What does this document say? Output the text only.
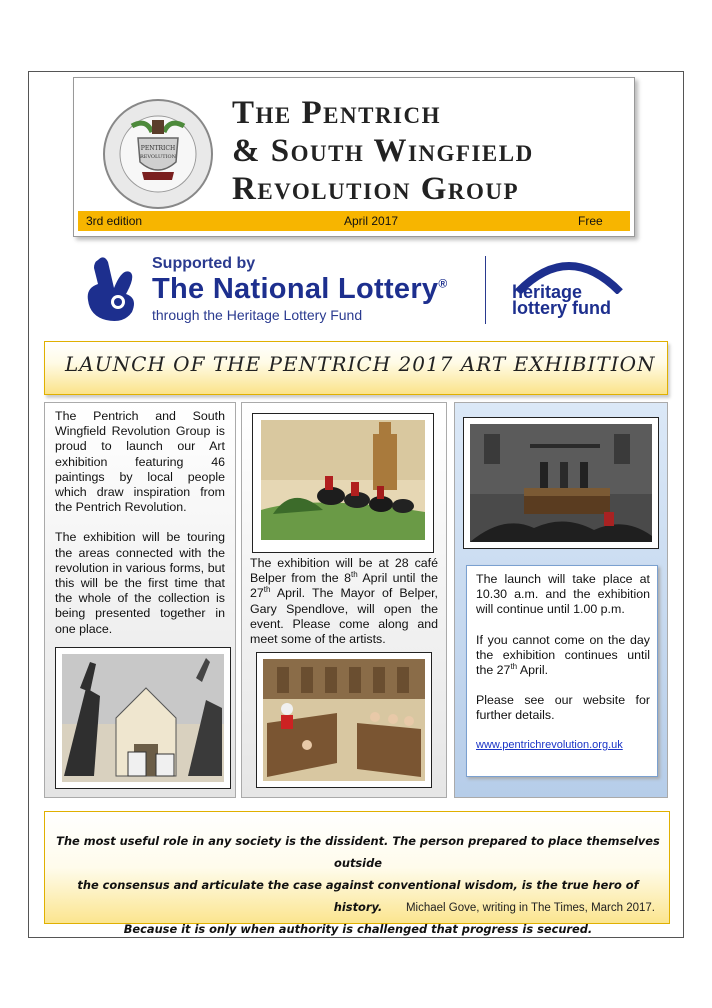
PENTRICH
REVOLUTION
The Pentrich
& South Wingfield
Revolution Group
3rd edition	April 2017	Free
Supported by
The National Lottery®
through the Heritage Lottery Fund
heritage
lottery fund
LAUNCH OF THE PENTRICH 2017 ART EXHIBITION

The Pentrich and South Wingfield Revolution Group is proud to launch our Art exhibition featuring 46 paintings by local people which draw inspiration from the Pentrich Revolution.

The exhibition will be touring the areas connected with the revolution in various forms, but this will be the first time that the whole of the collection is being presented together in one place.

The exhibition will be at 28 café Belper from the 8th April until the 27th April. The Mayor of Belper, Gary Spendlove, will open the event. Please come along and meet some of the artists.

The launch will take place at 10.30 a.m. and the exhibition will continue until 1.00 p.m.

If you cannot come on the day the exhibition continues until the 27th April.

Please see our website for further details.

www.pentrichrevolution.org.uk

The most useful role in any society is the dissident. The person prepared to place themselves outside
the consensus and articulate the case against conventional wisdom, is the true hero of history.
Because it is only when authority is challenged that progress is secured.
Michael Gove, writing in The Times, March 2017.
